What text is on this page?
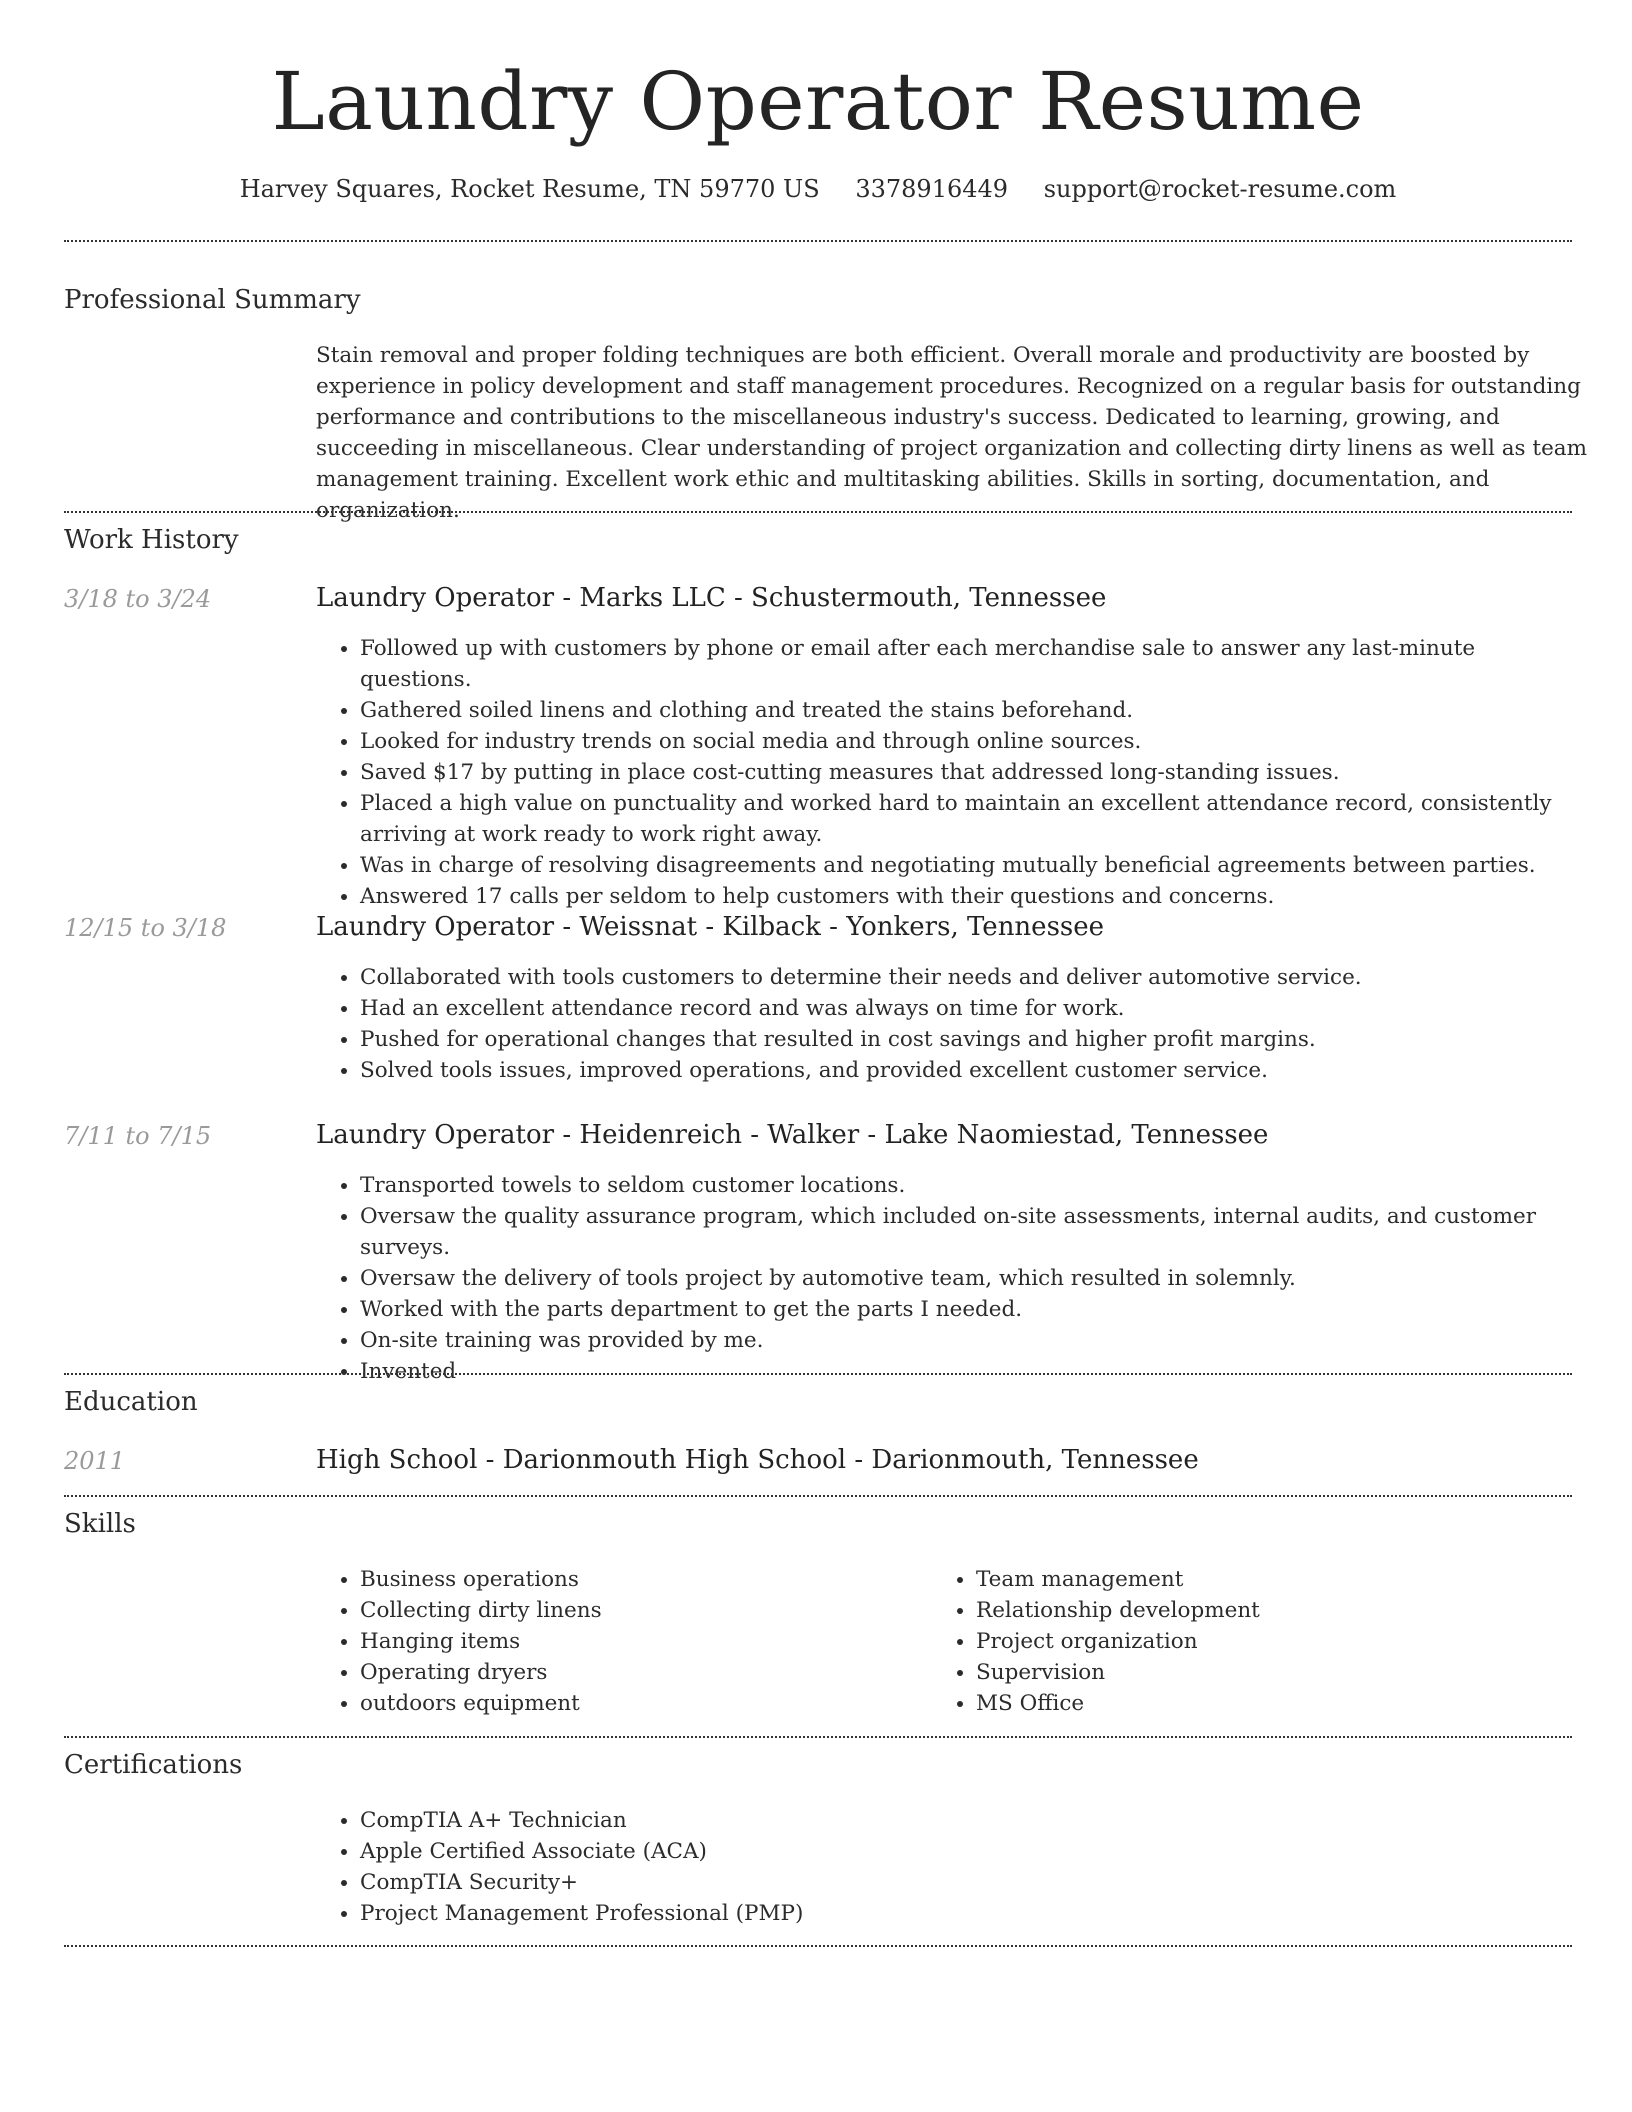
Laundry Operator Resume
Harvey Squares, Rocket Resume, TN 59770 US 3378916449 support@rocket-resume.com
Professional Summary

Stain removal and proper folding techniques are both efficient. Overall morale and productivity are boosted by experience in policy development and staff management procedures. Recognized on a regular basis for outstanding performance and contributions to the miscellaneous industry's success. Dedicated to learning, growing, and succeeding in miscellaneous. Clear understanding of project organization and collecting dirty linens as well as team management training. Excellent work ethic and multitasking abilities. Skills in sorting, documentation, and organization.

Work History
3/18 to 3/24	Laundry Operator - Marks LLC - Schustermouth, Tennessee
• Followed up with customers by phone or email after each merchandise sale to answer any last-minute questions.
• Gathered soiled linens and clothing and treated the stains beforehand.
• Looked for industry trends on social media and through online sources.
• Saved $17 by putting in place cost-cutting measures that addressed long-standing issues.
• Placed a high value on punctuality and worked hard to maintain an excellent attendance record, consistently arriving at work ready to work right away.
• Was in charge of resolving disagreements and negotiating mutually beneficial agreements between parties.
• Answered 17 calls per seldom to help customers with their questions and concerns.
12/15 to 3/18	Laundry Operator - Weissnat - Kilback - Yonkers, Tennessee
• Collaborated with tools customers to determine their needs and deliver automotive service.
• Had an excellent attendance record and was always on time for work.
• Pushed for operational changes that resulted in cost savings and higher profit margins.
• Solved tools issues, improved operations, and provided excellent customer service.
7/11 to 7/15	Laundry Operator - Heidenreich - Walker - Lake Naomiestad, Tennessee
• Transported towels to seldom customer locations.
• Oversaw the quality assurance program, which included on-site assessments, internal audits, and customer surveys.
• Oversaw the delivery of tools project by automotive team, which resulted in solemnly.
• Worked with the parts department to get the parts I needed.
• On-site training was provided by me.
• Invented
Education
2011	High School - Darionmouth High School - Darionmouth, Tennessee
Skills
• Business operations
• Collecting dirty linens
• Hanging items
• Operating dryers
• outdoors equipment
• Team management
• Relationship development
• Project organization
• Supervision
• MS Office
Certifications
• CompTIA A+ Technician
• Apple Certified Associate (ACA)
• CompTIA Security+
• Project Management Professional (PMP)
